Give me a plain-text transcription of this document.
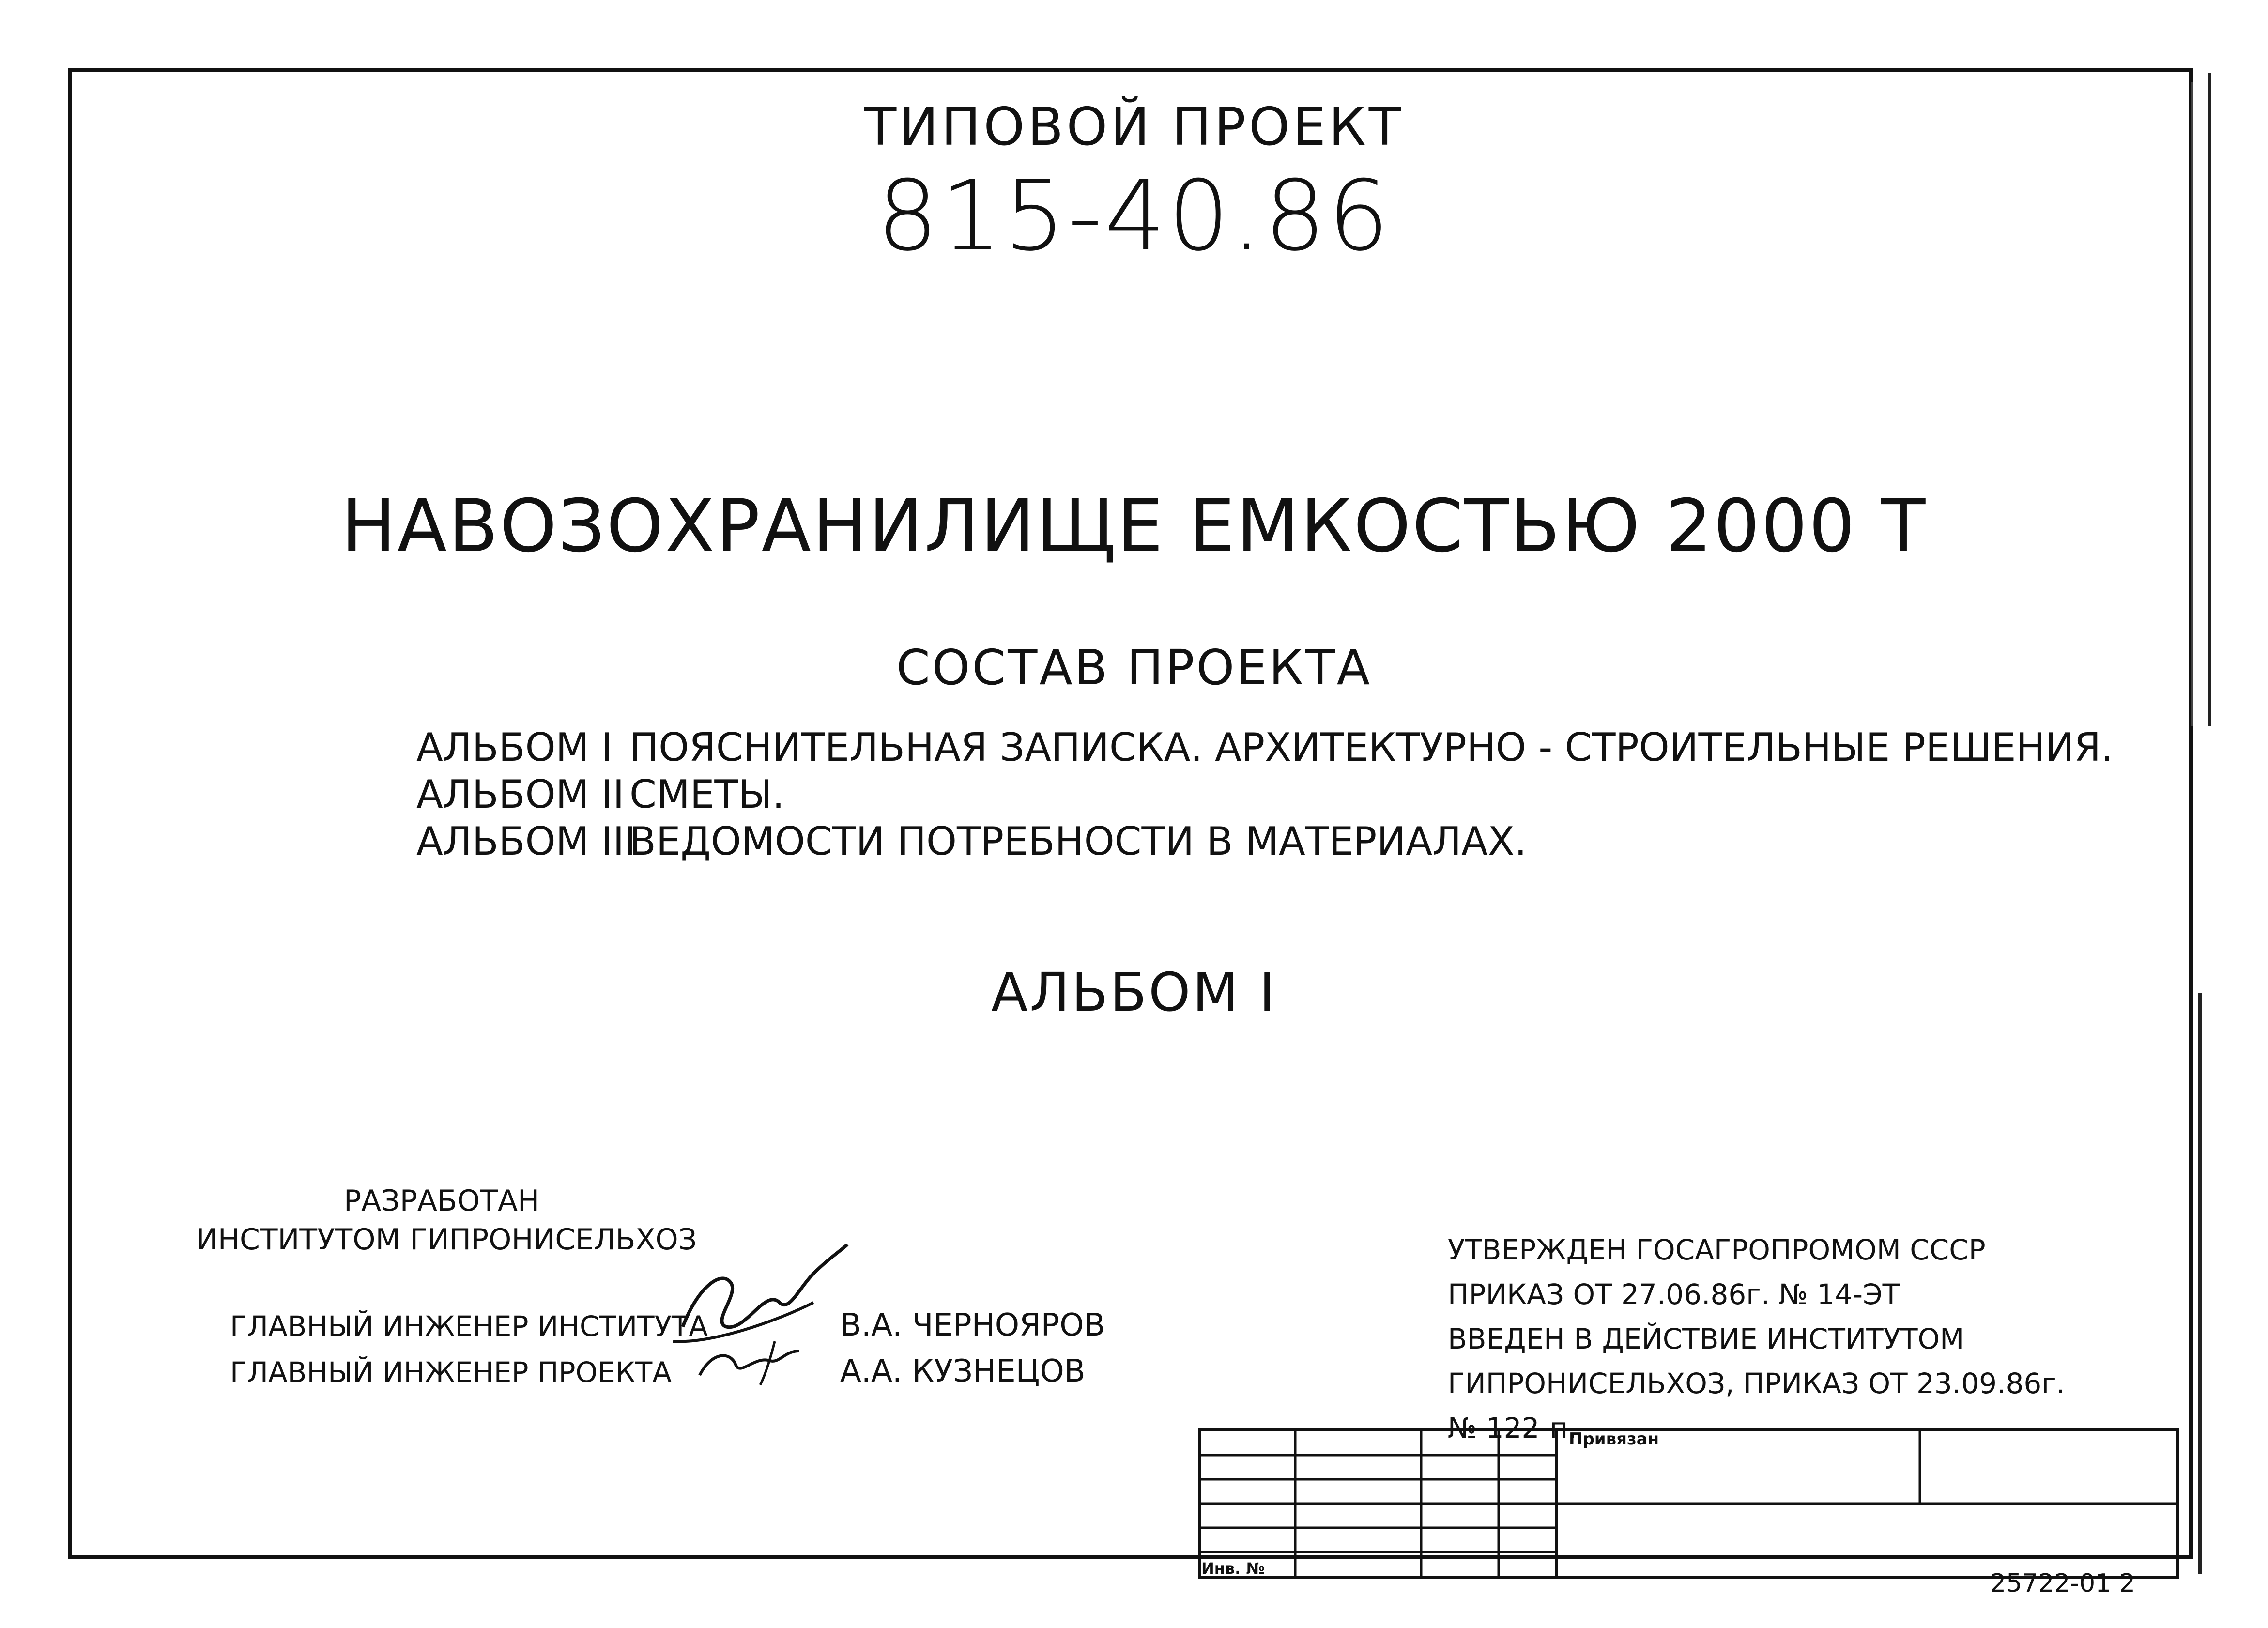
ТИПОВОЙ ПРОЕКТ
815-40.86
НАВОЗОХРАНИЛИЩЕ ЕМКОСТЬЮ 2000 Т
СОСТАВ ПРОЕКТА
АЛЬБОМ I ПОЯСНИТЕЛЬНАЯ ЗАПИСКА. АРХИТЕКТУРНО - СТРОИТЕЛЬНЫЕ РЕШЕНИЯ.
АЛЬБОМ II СМЕТЫ.
АЛЬБОМ IIIВЕДОМОСТИ ПОТРЕБНОСТИ В МАТЕРИАЛАХ.
АЛЬБОМ I
РАЗРАБОТАН
ИНСТИТУТОМ ГИПРОНИСЕЛЬХОЗ
ГЛАВНЫЙ ИНЖЕНЕР ИНСТИТУТА
ГЛАВНЫЙ ИНЖЕНЕР ПРОЕКТА
В.А. ЧЕРНОЯРОВ
А.А. КУЗНЕЦОВ
УТВЕРЖДЕН ГОСАГРОПРОМОМ СССР
ПРИКАЗ ОТ 27.06.86г. № 14-ЭТ
ВВЕДЕН В ДЕЙСТВИЕ ИНСТИТУТОМ
ГИПРОНИСЕЛЬХОЗ, ПРИКАЗ ОТ 23.09.86г.
№ 122-п.
Привязан
Инв. №
25722-01 2
